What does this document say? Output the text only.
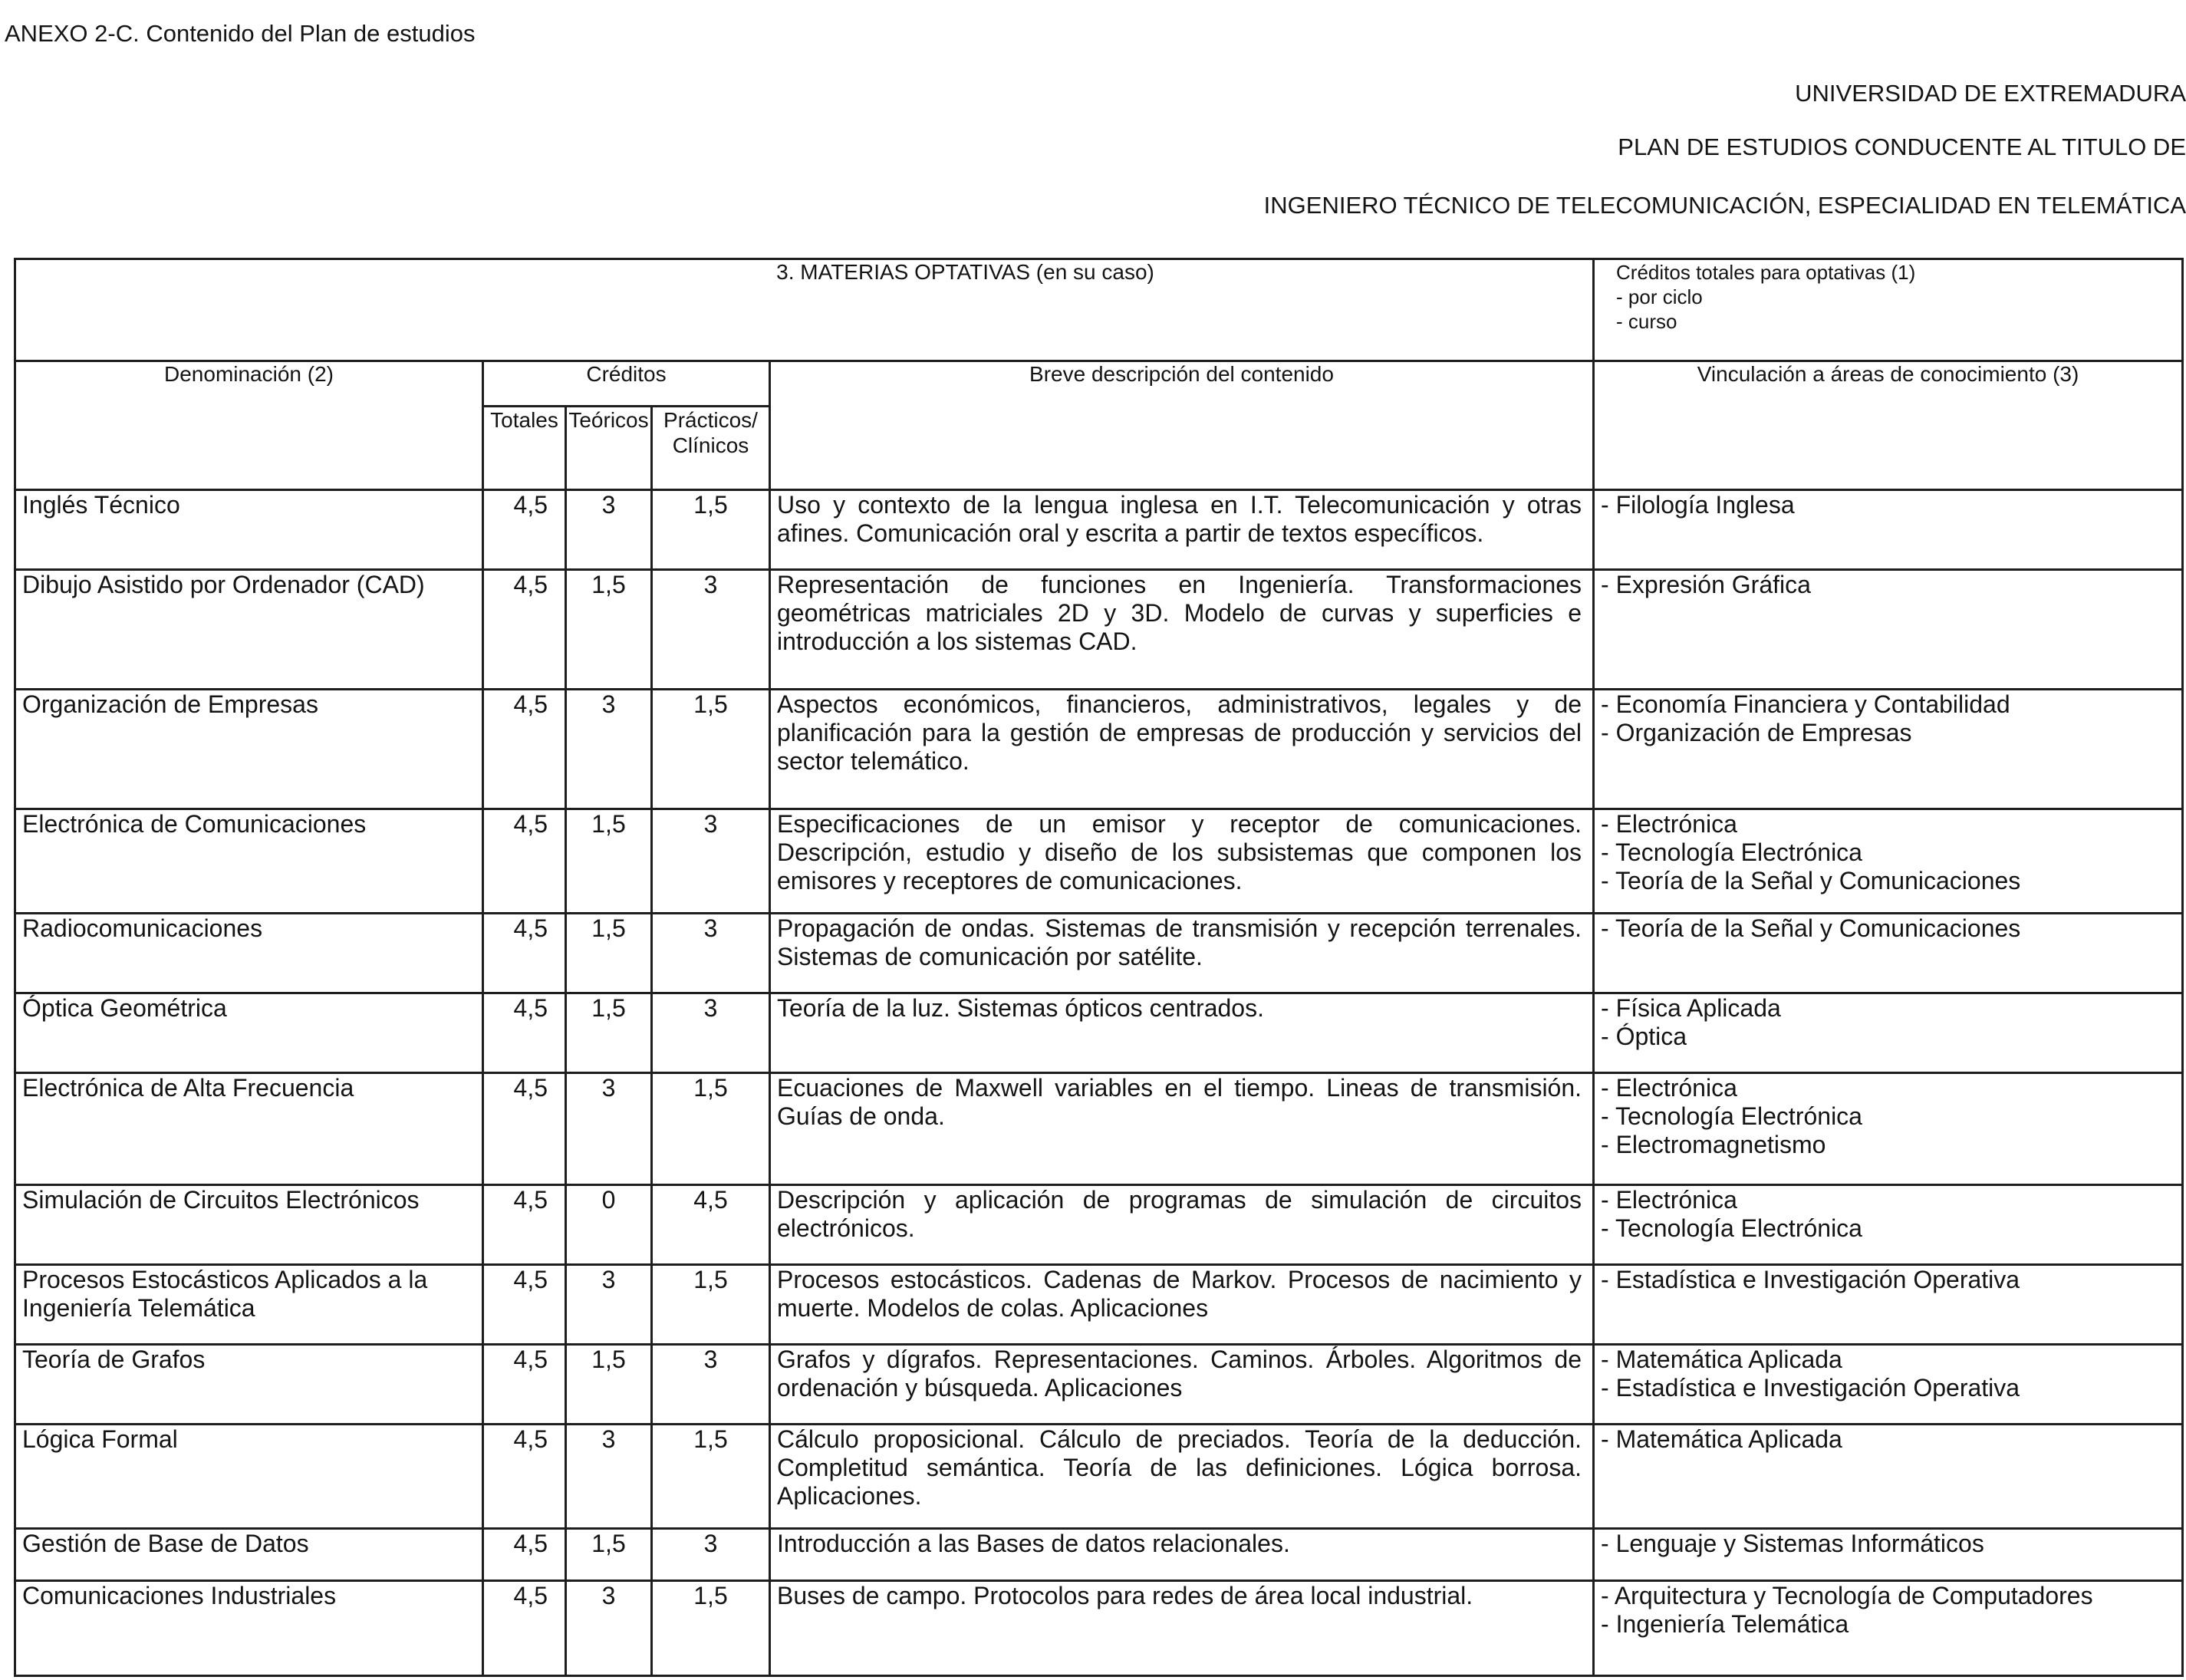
ANEXO 2-C. Contenido del Plan de estudios
UNIVERSIDAD DE EXTREMADURA
PLAN DE ESTUDIOS CONDUCENTE AL TITULO DE
INGENIERO TÉCNICO DE TELECOMUNICACIÓN, ESPECIALIDAD EN TELEMÁTICA
3. MATERIAS OPTATIVAS (en su caso)					Créditos totales para optativas (1)
- por ciclo
- curso

Denominación (2)	Créditos			Breve descripción del contenido	Vinculación a áreas de conocimiento (3)
	Totales	Teóricos	Prácticos/
Clínicos		

Inglés Técnico	4,5	3	1,5	Uso y contexto de la lengua inglesa en I.T. Telecomunicación y otras afines. Comunicación oral y escrita a partir de textos específicos.	- Filología Inglesa

Dibujo Asistido por Ordenador (CAD)	4,5	1,5	3	Representación de funciones en Ingeniería. Transformaciones geométricas matriciales 2D y 3D. Modelo de curvas y superficies e introducción a los sistemas CAD.	- Expresión Gráfica

Organización de Empresas	4,5	3	1,5	Aspectos económicos, financieros, administrativos, legales y de planificación para la gestión de empresas de producción y servicios del sector telemático.	- Economía Financiera y Contabilidad
- Organización de Empresas

Electrónica de Comunicaciones	4,5	1,5	3	Especificaciones de un emisor y receptor de comunicaciones. Descripción, estudio y diseño de los subsistemas que componen los emisores y receptores de comunicaciones.	- Electrónica
- Tecnología Electrónica
- Teoría de la Señal y Comunicaciones

Radiocomunicaciones	4,5	1,5	3	Propagación de ondas. Sistemas de transmisión y recepción terrenales. Sistemas de comunicación por satélite.	- Teoría de la Señal y Comunicaciones

Óptica Geométrica	4,5	1,5	3	Teoría de la luz. Sistemas ópticos centrados.	- Física Aplicada
- Óptica

Electrónica de Alta Frecuencia	4,5	3	1,5	Ecuaciones de Maxwell variables en el tiempo. Lineas de transmisión. Guías de onda.	- Electrónica
- Tecnología Electrónica
- Electromagnetismo

Simulación de Circuitos Electrónicos	4,5	0	4,5	Descripción y aplicación de programas de simulación de circuitos electrónicos.	- Electrónica
- Tecnología Electrónica

Procesos Estocásticos Aplicados a la Ingeniería Telemática	4,5	3	1,5	Procesos estocásticos. Cadenas de Markov. Procesos de nacimiento y muerte. Modelos de colas. Aplicaciones	- Estadística e Investigación Operativa

Teoría de Grafos	4,5	1,5	3	Grafos y dígrafos. Representaciones. Caminos. Árboles. Algoritmos de ordenación y búsqueda. Aplicaciones	- Matemática Aplicada
- Estadística e Investigación Operativa

Lógica Formal	4,5	3	1,5	Cálculo proposicional. Cálculo de preciados. Teoría de la deducción. Completitud semántica. Teoría de las definiciones. Lógica borrosa. Aplicaciones.	- Matemática Aplicada

Gestión de Base de Datos	4,5	1,5	3	Introducción a las Bases de datos relacionales.	- Lenguaje y Sistemas Informáticos

Comunicaciones Industriales	4,5	3	1,5	Buses de campo. Protocolos para redes de área local industrial.	- Arquitectura y Tecnología de Computadores
- Ingeniería Telemática
